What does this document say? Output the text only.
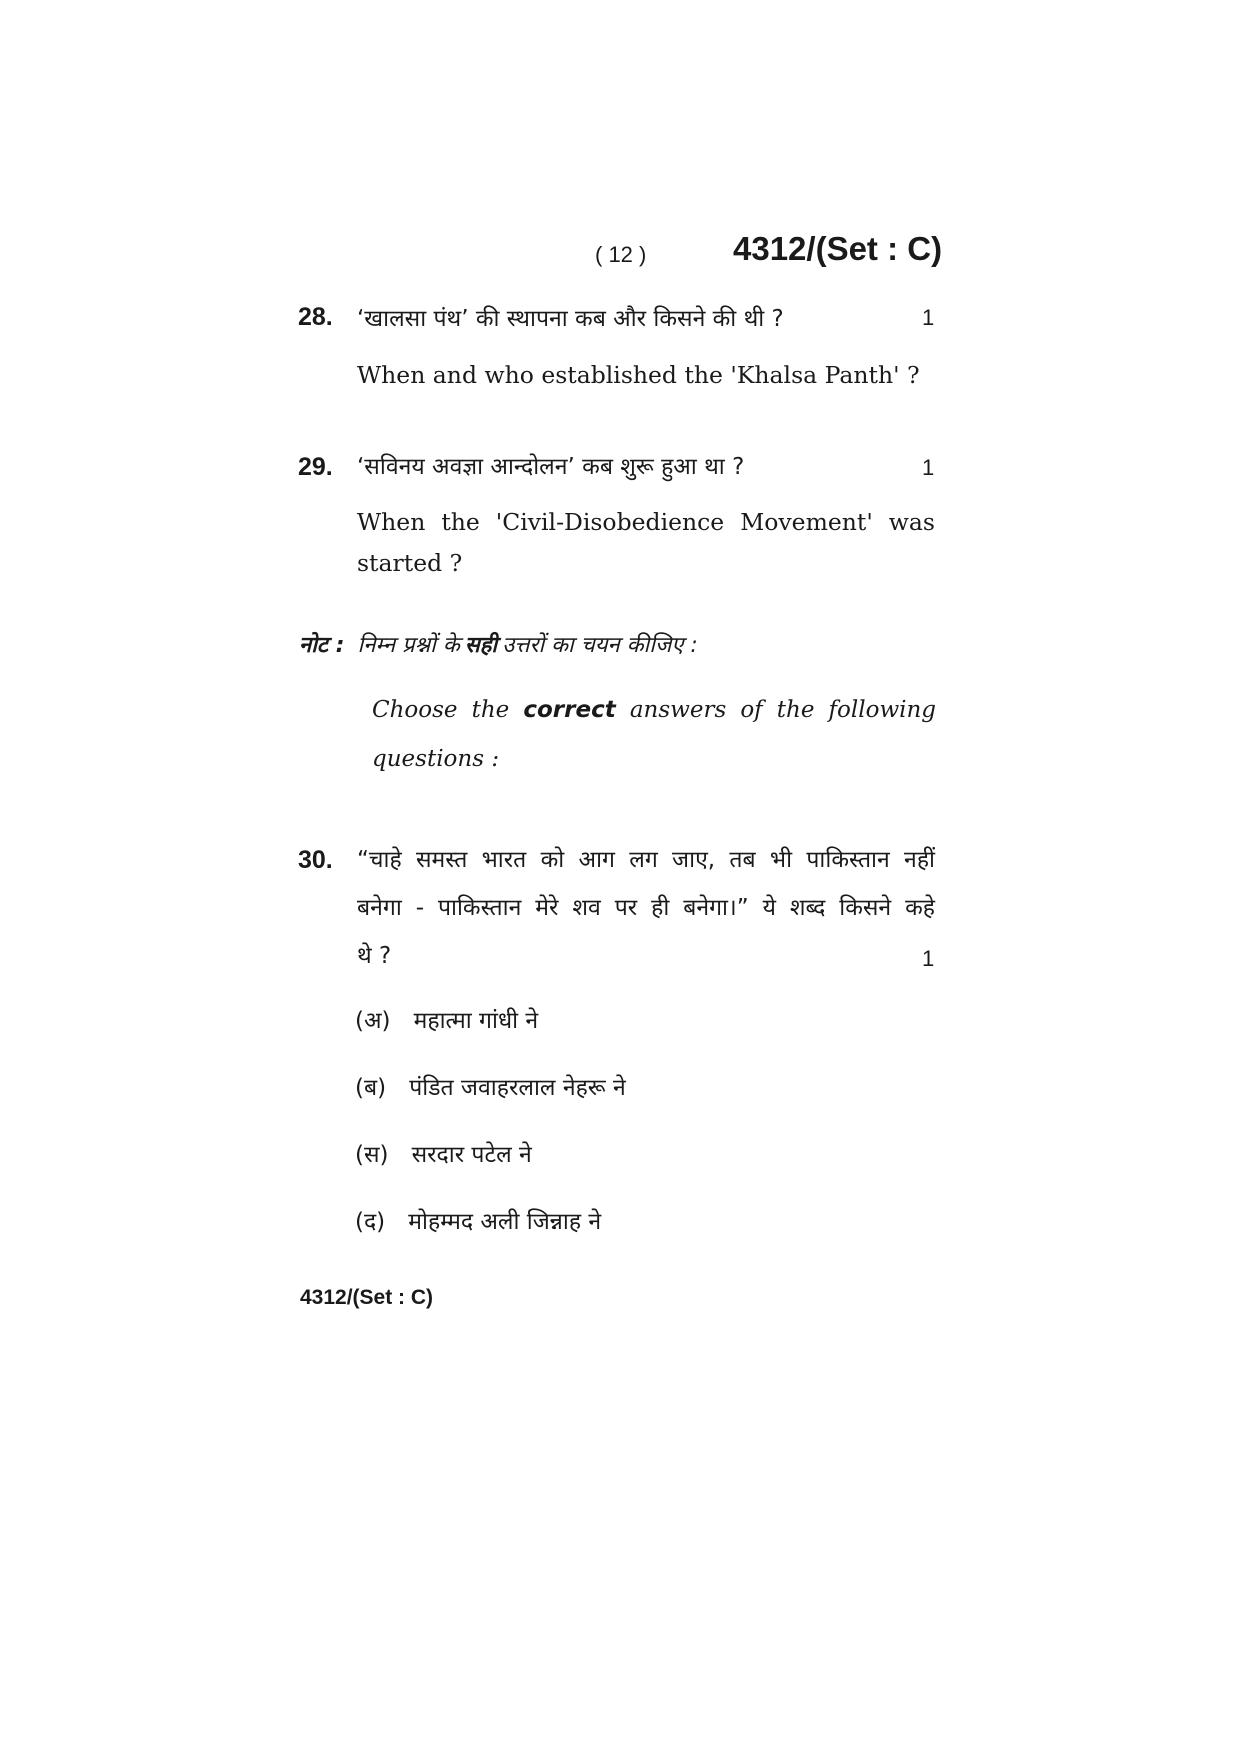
( 12 )	4312/(Set : C)
28. ‘खालसा पंथ’ की स्थापना कब और किसने की थी ?	1
When and who established the 'Khalsa Panth' ?
29. ‘सविनय अवज्ञा आन्दोलन’ कब शुरू हुआ था ?	1
When the 'Civil-Disobedience Movement' was
started ?
नोट : निम्न प्रश्नों के सही उत्तरों का चयन कीजिए :
Choose the correct answers of the following
questions :
30. “चाहे समस्त भारत को आग लग जाए, तब भी पाकिस्तान नहीं
बनेगा - पाकिस्तान मेरे शव पर ही बनेगा।” ये शब्द किसने कहे
थे ?	1
(अ) महात्मा गांधी ने
(ब) पंडित जवाहरलाल नेहरू ने
(स) सरदार पटेल ने
(द) मोहम्मद अली जिन्नाह ने
4312/(Set : C)
